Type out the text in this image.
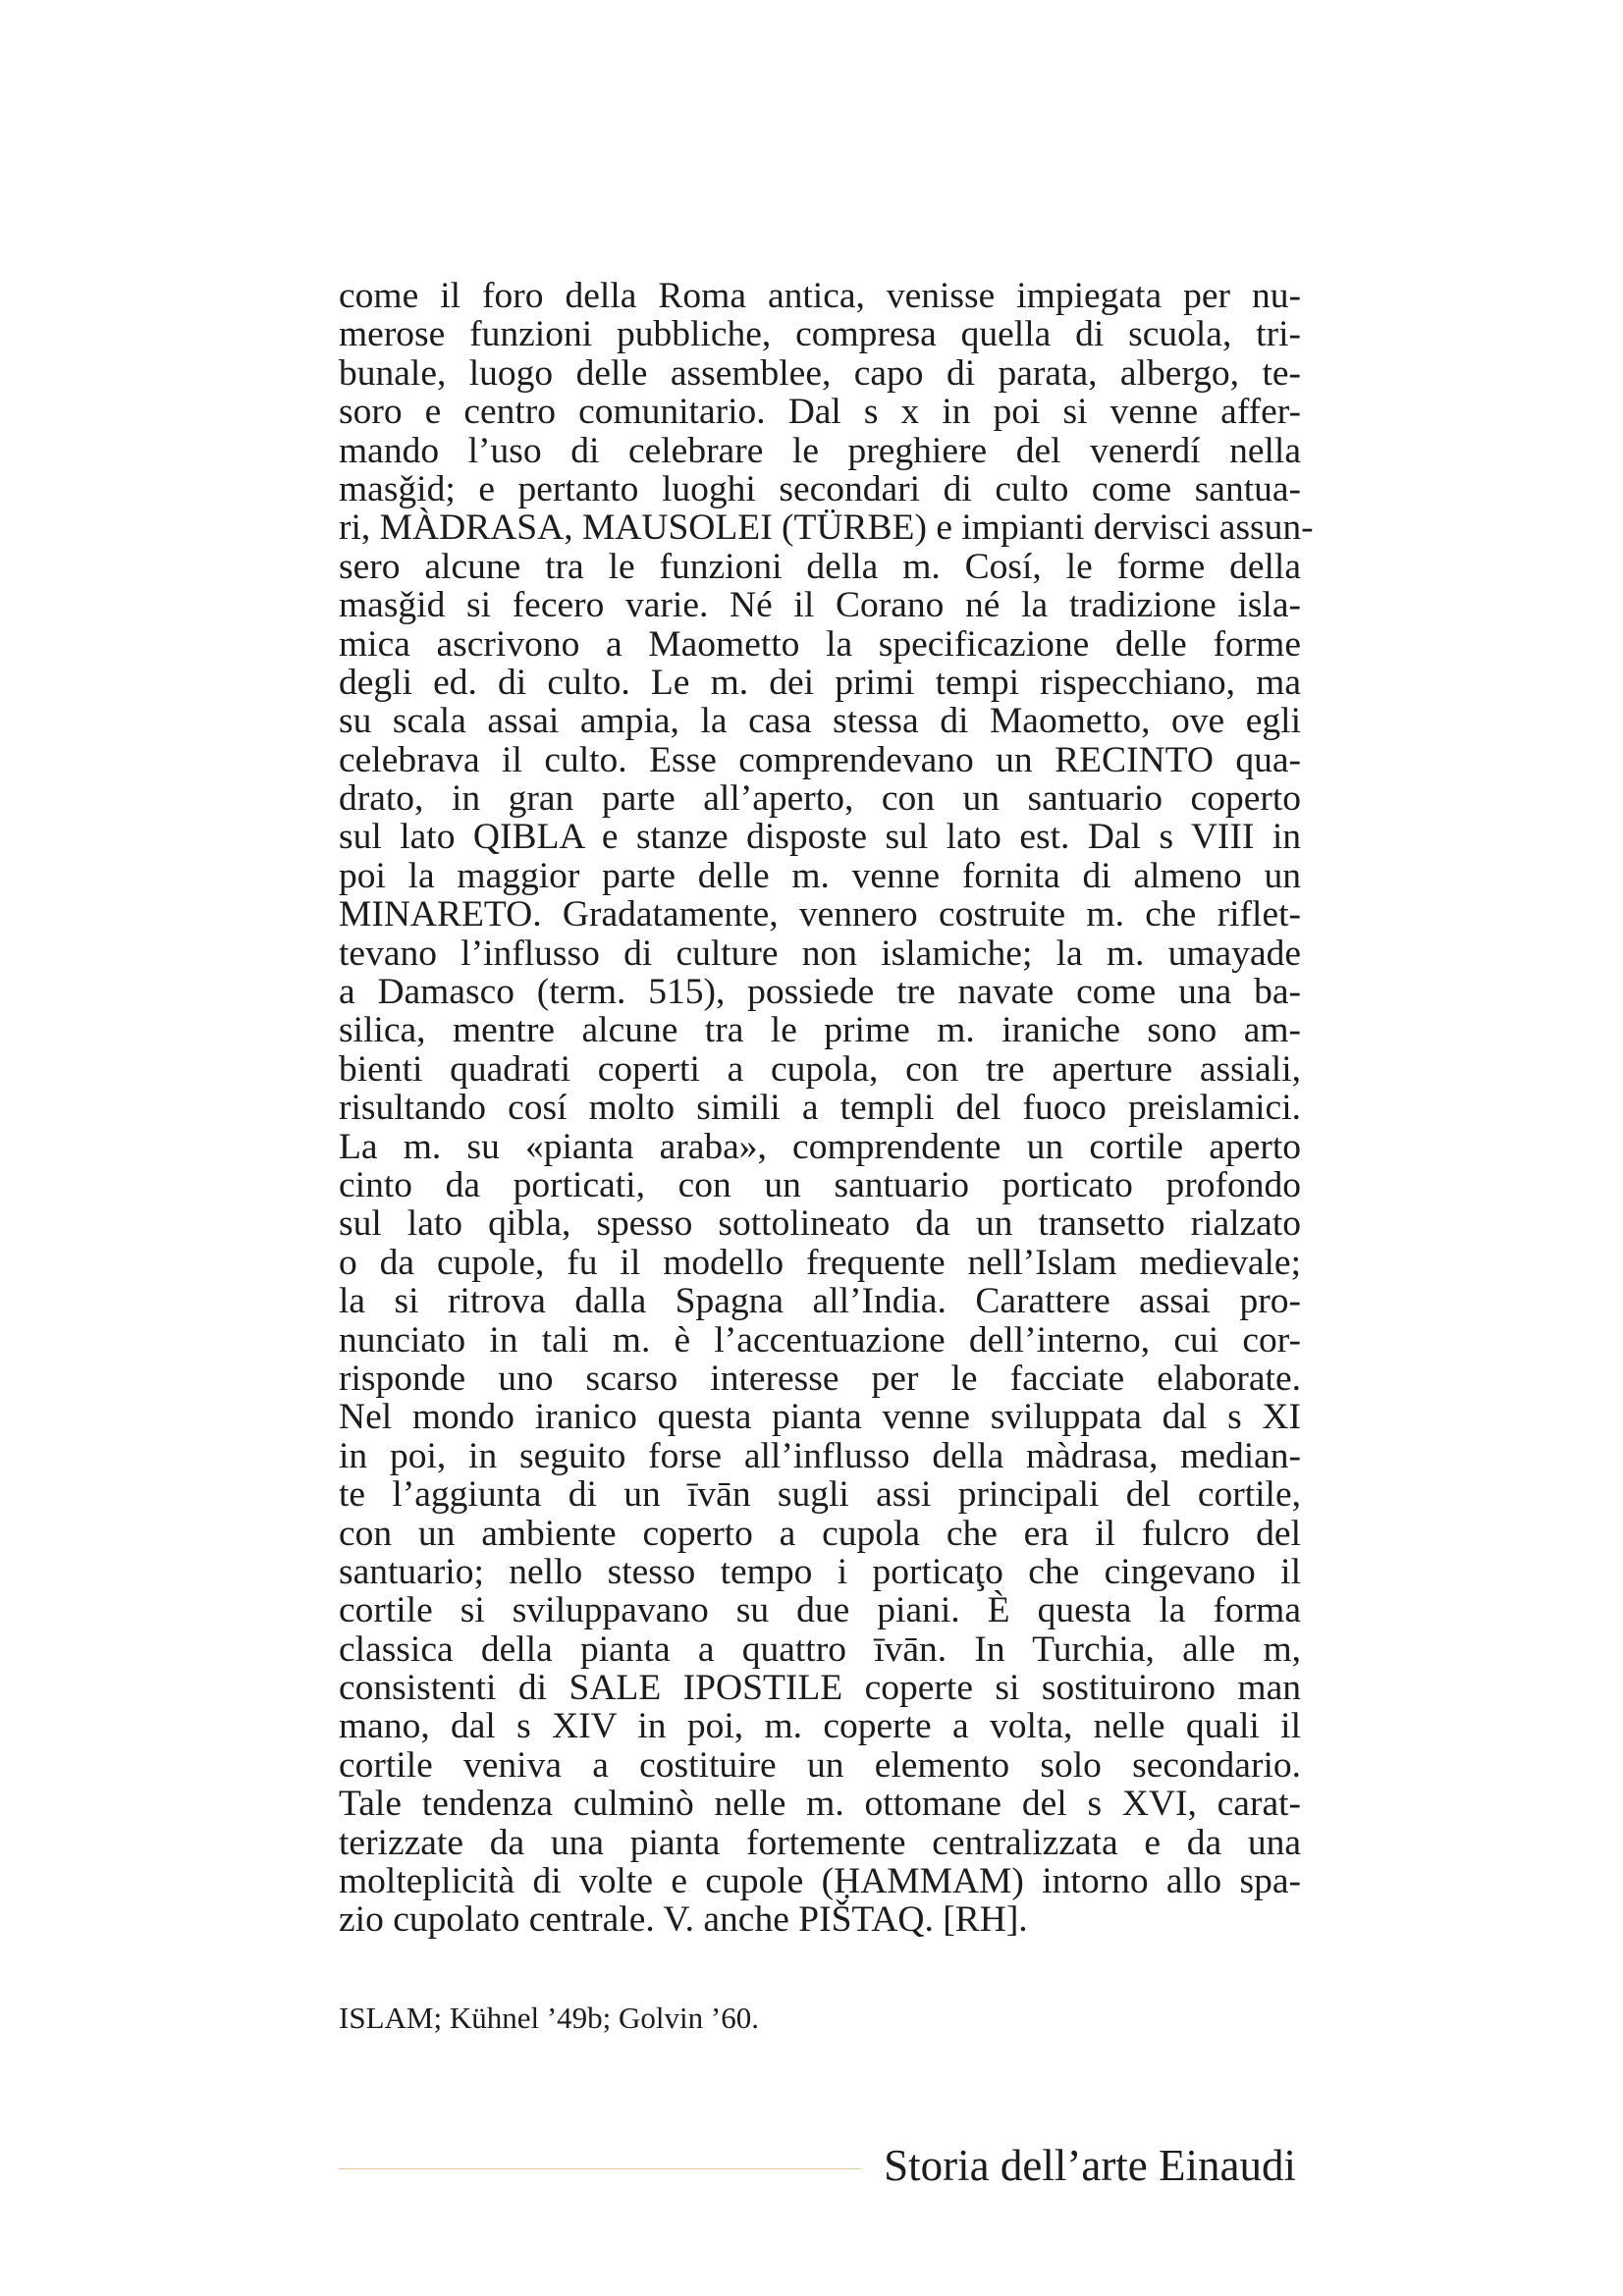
come il foro della Roma antica, venisse impiegata per nu-
merose funzioni pubbliche, compresa quella di scuola, tri-
bunale, luogo delle assemblee, capo di parata, albergo, te-
soro e centro comunitario. Dal s x in poi si venne affer-
mando l’uso di celebrare le preghiere del venerdí nella
masǧid; e pertanto luoghi secondari di culto come santua-
ri, MÀDRASA, MAUSOLEI (TÜRBE) e impianti dervisci assun-
sero alcune tra le funzioni della m. Cosí, le forme della
masǧid si fecero varie. Né il Corano né la tradizione isla-
mica ascrivono a Maometto la specificazione delle forme
degli ed. di culto. Le m. dei primi tempi rispecchiano, ma
su scala assai ampia, la casa stessa di Maometto, ove egli
celebrava il culto. Esse comprendevano un RECINTO qua-
drato, in gran parte all’aperto, con un santuario coperto
sul lato QIBLA e stanze disposte sul lato est. Dal s VIII in
poi la maggior parte delle m. venne fornita di almeno un
MINARETO. Gradatamente, vennero costruite m. che riflet-
tevano l’influsso di culture non islamiche; la m. umayade
a Damasco (term. 515), possiede tre navate come una ba-
silica, mentre alcune tra le prime m. iraniche sono am-
bienti quadrati coperti a cupola, con tre aperture assiali,
risultando cosí molto simili a templi del fuoco preislamici.
La m. su «pianta araba», comprendente un cortile aperto
cinto da porticati, con un santuario porticato profondo
sul lato qibla, spesso sottolineato da un transetto rialzato
o da cupole, fu il modello frequente nell’Islam medievale;
la si ritrova dalla Spagna all’India. Carattere assai pro-
nunciato in tali m. è l’accentuazione dell’interno, cui cor-
risponde uno scarso interesse per le facciate elaborate.
Nel mondo iranico questa pianta venne sviluppata dal s XI
in poi, in seguito forse all’influsso della màdrasa, median-
te l’aggiunta di un īvān sugli assi principali del cortile,
con un ambiente coperto a cupola che era il fulcro del
santuario; nello stesso tempo i porticaţo che cingevano il
cortile si sviluppavano su due piani. È questa la forma
classica della pianta a quattro īvān. In Turchia, alle m,
consistenti di SALE IPOSTILE coperte si sostituirono man
mano, dal s XIV in poi, m. coperte a volta, nelle quali il
cortile veniva a costituire un elemento solo secondario.
Tale tendenza culminò nelle m. ottomane del s XVI, carat-
terizzate da una pianta fortemente centralizzata e da una
molteplicità di volte e cupole (ḤAMMAM) intorno allo spa-
zio cupolato centrale. V. anche PIŠTAQ. [RH].
ISLAM; Kühnel ’49b; Golvin ’60.
Storia dell’arte Einaudi
